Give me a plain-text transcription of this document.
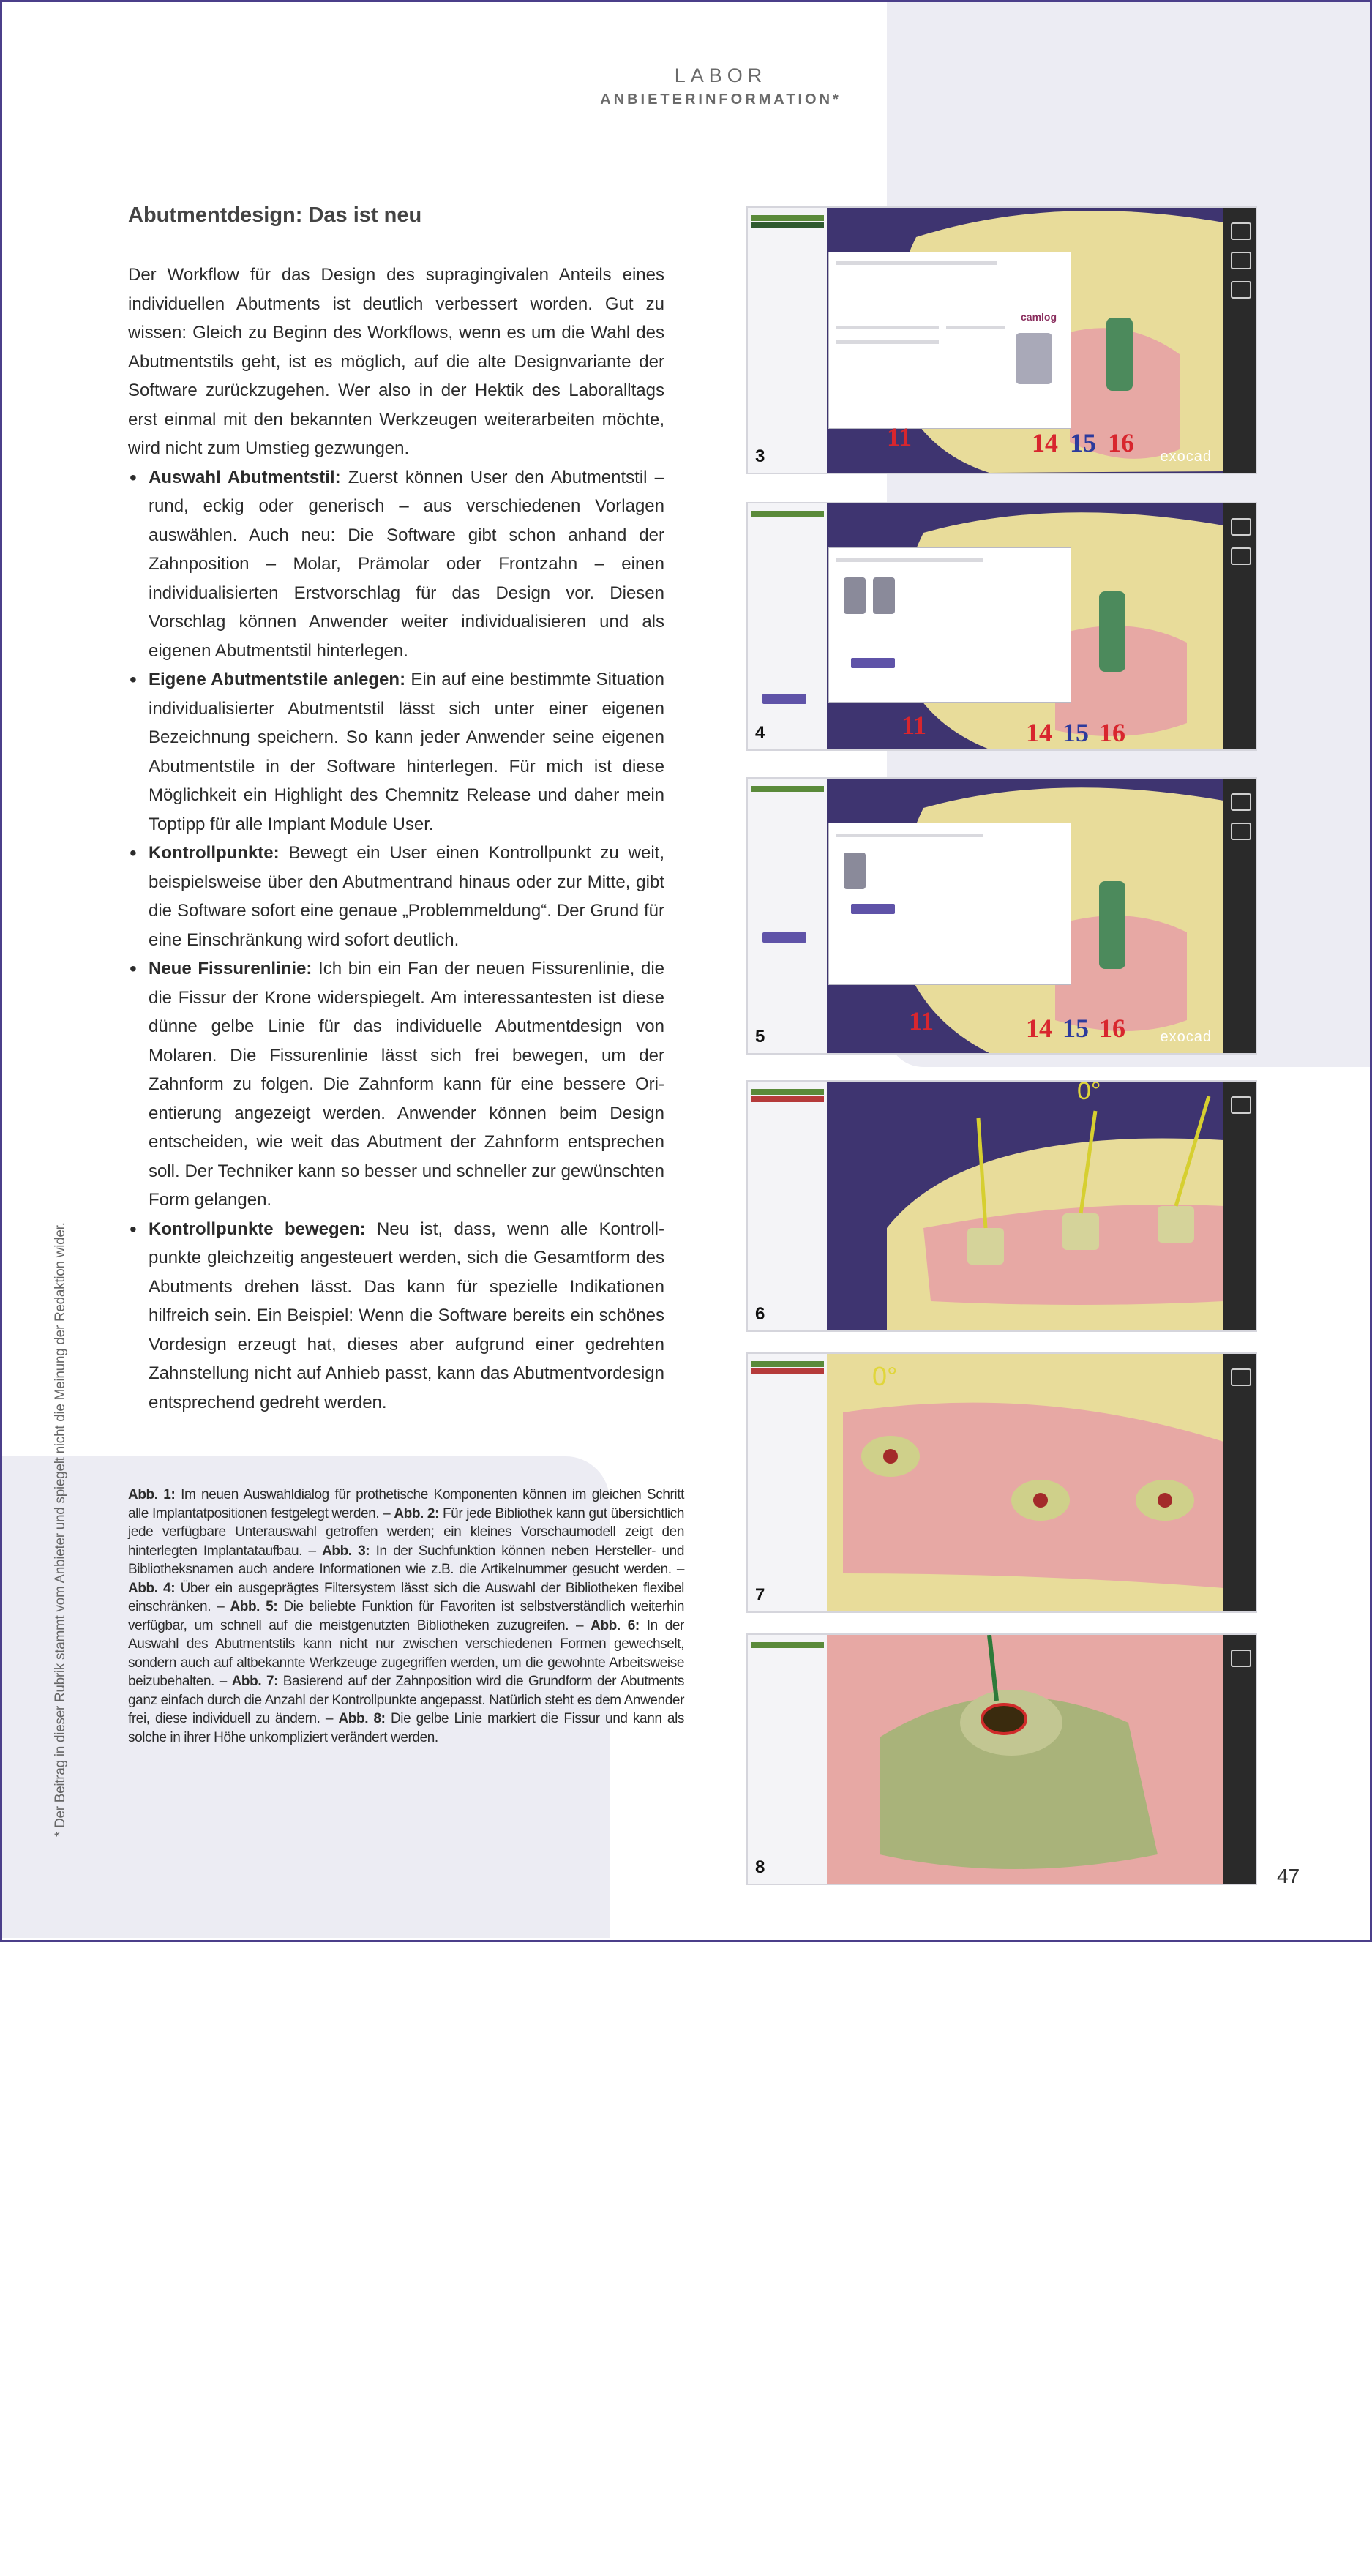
LABOR
ANBIETERINFORMATION*
Abutmentdesign: Das ist neu

Der Workflow für das Design des supragingivalen Anteils eines individuellen Abutments ist deutlich verbessert worden. Gut zu wissen: Gleich zu Beginn des Workflows, wenn es um die Wahl des Abutmentstils geht, ist es möglich, auf die alte Designvariante der Software zurückzugehen. Wer also in der Hektik des Laboralltags erst einmal mit den bekannten Werkzeugen weiterarbeiten möchte, wird nicht zum Umstieg gezwungen.

• Auswahl Abutmentstil: Zuerst können User den Abutmentstil – rund, eckig oder generisch – aus verschiedenen Vorlagen auswählen. Auch neu: Die Software gibt schon anhand der Zahnposition – Molar, Prämolar oder Frontzahn – einen individualisierten Erstvorschlag für das Design vor. Diesen Vorschlag können Anwender weiter individualisieren und als eigenen Abutmentstil hinterlegen.
• Eigene Abutmentstile anlegen: Ein auf eine bestimmte Situation individualisierter Abutmentstil lässt sich unter einer eigenen Bezeichnung speichern. So kann jeder Anwender seine eigenen Abutmentstile in der Software hinterlegen. Für mich ist diese Möglichkeit ein Highlight des Chemnitz Release und daher mein Toptipp für alle Implant Module User.
• Kontrollpunkte: Bewegt ein User einen Kontrollpunkt zu weit, beispielsweise über den Abutmentrand hinaus oder zur Mitte, gibt die Software sofort eine genaue „Problemmeldung“. Der Grund für eine Einschränkung wird sofort deutlich.
• Neue Fissurenlinie: Ich bin ein Fan der neuen Fissurenlinie, die die Fissur der Krone widerspiegelt. Am interessantesten ist diese dünne gelbe Linie für das individuelle Abutmentdesign von Molaren. Die Fissurenlinie lässt sich frei bewegen, um der Zahnform zu folgen. Die Zahnform kann für eine bessere Orientierung angezeigt werden. Anwender können beim Design entscheiden, wie weit das Abutment der Zahnform entsprechen soll. Der Techniker kann so besser und schneller zur gewünschten Form gelangen.
• Kontrollpunkte bewegen: Neu ist, dass, wenn alle Kontrollpunkte gleichzeitig angesteuert werden, sich die Gesamtform des Abutments drehen lässt. Das kann für spezielle Indikationen hilfreich sein. Ein Beispiel: Wenn die Software bereits ein schönes Vordesign erzeugt hat, dieses aber aufgrund einer gedrehten Zahnstellung nicht auf Anhieb passt, kann das Abutmentvordesign entsprechend gedreht werden.
Abb. 1: Im neuen Auswahldialog für prothetische Komponenten können im gleichen Schritt alle Implantatpositionen festgelegt werden. – Abb. 2: Für jede Bibliothek kann gut übersichtlich jede verfügbare Unterauswahl getroffen werden; ein kleines Vorschaumodell zeigt den hinterlegten Implantataufbau. – Abb. 3: In der Suchfunktion können neben Hersteller- und Bibliotheksnamen auch andere Informationen wie z.B. die Artikelnummer gesucht werden. – Abb. 4: Über ein ausgeprägtes Filtersystem lässt sich die Auswahl der Bibliotheken flexibel einschränken. – Abb. 5: Die beliebte Funktion für Favoriten ist selbstverständlich weiterhin verfügbar, um schnell auf die meistgenutzten Bibliotheken zuzugreifen. – Abb. 6: In der Auswahl des Abutmentstils kann nicht nur zwischen verschiedenen Formen gewechselt, sondern auch auf altbekannte Werkzeuge zugegriffen werden, um die gewohnte Arbeitsweise beizubehalten. – Abb. 7: Basierend auf der Zahnposition wird die Grundform der Abutments ganz einfach durch die Anzahl der Kontrollpunkte angepasst. Natürlich steht es dem Anwender frei, diese individuell zu ändern. – Abb. 8: Die gelbe Linie markiert die Fissur und kann als solche in ihrer Höhe unkompliziert verändert werden.
* Der Beitrag in dieser Rubrik stammt vom Anbieter und spiegelt nicht die Meinung der Redaktion wider.
47
camlog
11	14 15 16 exocad
3
11	14 15 16
4
11	14 15 16 exocad
5
0°
6
0°
7
8
